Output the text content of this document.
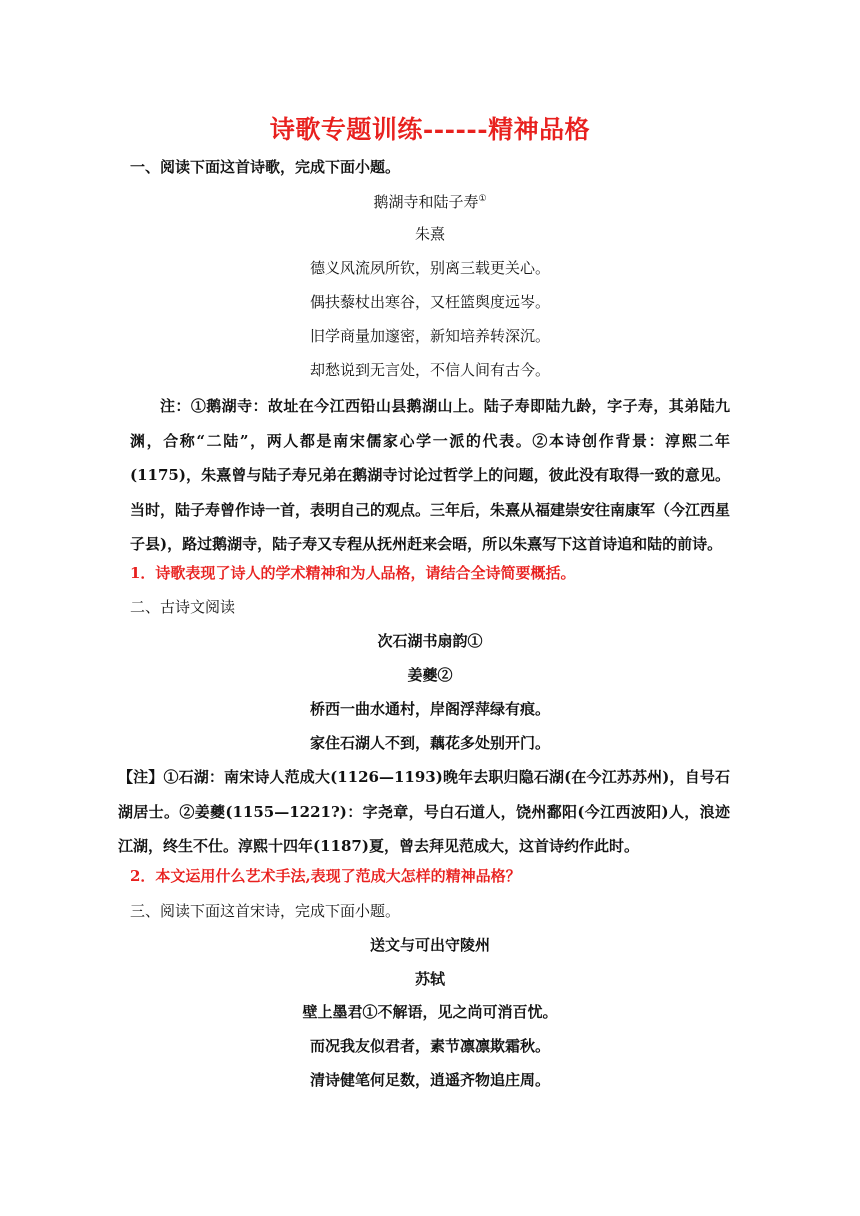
诗歌专题训练------精神品格
一、阅读下面这首诗歌，完成下面小题。
鹅湖寺和陆子寿①
朱熹
德义风流夙所钦，别离三载更关心。
偶扶藜杖出寒谷，又枉篮舆度远岑。
旧学商量加邃密，新知培养转深沉。
却愁说到无言处，不信人间有古今。
注：①鹅湖寺：故址在今江西铅山县鹅湖山上。陆子寿即陆九龄，字子寿，其弟陆九渊，合称“二陆”，两人都是南宋儒家心学一派的代表。②本诗创作背景：淳熙二年(1175)，朱熹曾与陆子寿兄弟在鹅湖寺讨论过哲学上的问题，彼此没有取得一致的意见。当时，陆子寿曾作诗一首，表明自己的观点。三年后，朱熹从福建崇安往南康军（今江西星子县)，路过鹅湖寺，陆子寿又专程从抚州赶来会晤，所以朱熹写下这首诗追和陆的前诗。
1．诗歌表现了诗人的学术精神和为人品格，请结合全诗简要概括。
二、古诗文阅读
次石湖书扇韵①
姜夔②
桥西一曲水通村，岸阁浮萍绿有痕。
家住石湖人不到，藕花多处别开门。
【注】①石湖：南宋诗人范成大(1126—1193)晚年去职归隐石湖(在今江苏苏州)，自号石湖居士。②姜夔(1155—1221?)：字尧章，号白石道人，饶州鄱阳(今江西波阳)人，浪迹江湖，终生不仕。淳熙十四年(1187)夏，曾去拜见范成大，这首诗约作此时。
2．本文运用什么艺术手法,表现了范成大怎样的精神品格？
三、阅读下面这首宋诗，完成下面小题。
送文与可出守陵州
苏轼
壁上墨君①不解语，见之尚可消百忧。
而况我友似君者，素节凛凛欺霜秋。
清诗健笔何足数，逍遥齐物追庄周。
